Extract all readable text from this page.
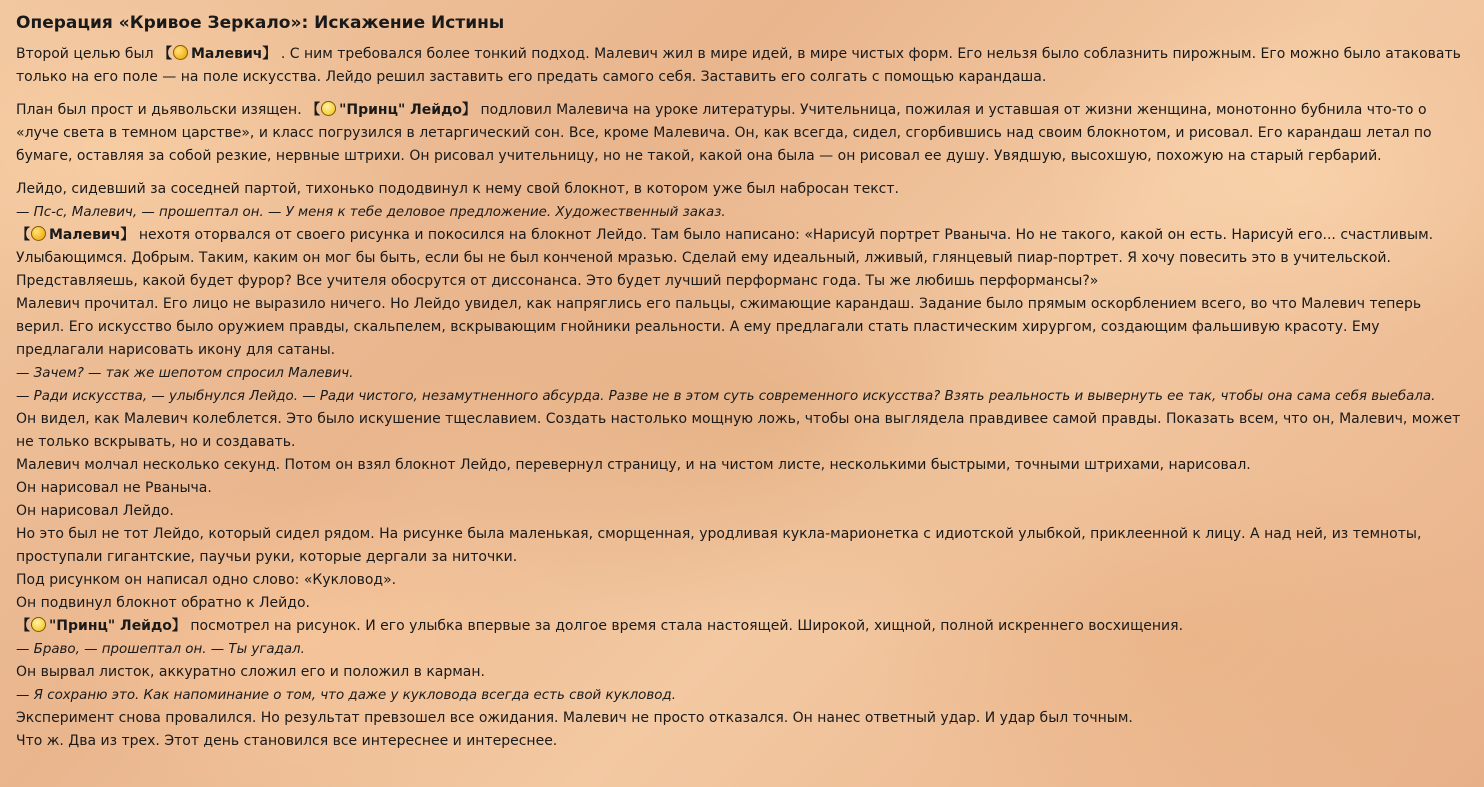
Операция «Кривое Зеркало»: Искажение Истины

Второй целью был 【 Малевич】 . С ним требовался более тонкий подход. Малевич жил в мире идей, в мире чистых форм. Его нельзя было соблазнить пирожным. Его можно было атаковать только на его поле — на поле искусства. Лейдо решил заставить его предать самого себя. Заставить его солгать с помощью карандаша.

План был прост и дьявольски изящен. 【 "Принц" Лейдо】 подловил Малевича на уроке литературы. Учительница, пожилая и уставшая от жизни женщина, монотонно бубнила что-то о «луче света в темном царстве», и класс погрузился в летаргический сон. Все, кроме Малевича. Он, как всегда, сидел, сгорбившись над своим блокнотом, и рисовал. Его карандаш летал по бумаге, оставляя за собой резкие, нервные штрихи. Он рисовал учительницу, но не такой, какой она была — он рисовал ее душу. Увядшую, высохшую, похожую на старый гербарий.

Лейдо, сидевший за соседней партой, тихонько пододвинул к нему свой блокнот, в котором уже был набросан текст.

— Пс-с, Малевич, — прошептал он. — У меня к тебе деловое предложение. Художественный заказ.

【 Малевич】 нехотя оторвался от своего рисунка и покосился на блокнот Лейдо. Там было написано: «Нарисуй портрет Рваныча. Но не такого, какой он есть. Нарисуй его... счастливым. Улыбающимся. Добрым. Таким, каким он мог бы быть, если бы не был конченой мразью. Сделай ему идеальный, лживый, глянцевый пиар-портрет. Я хочу повесить это в учительской. Представляешь, какой будет фурор? Все учителя обосрутся от диссонанса. Это будет лучший перформанс года. Ты же любишь перформансы?»

Малевич прочитал. Его лицо не выразило ничего. Но Лейдо увидел, как напряглись его пальцы, сжимающие карандаш. Задание было прямым оскорблением всего, во что Малевич теперь верил. Его искусство было оружием правды, скальпелем, вскрывающим гнойники реальности. А ему предлагали стать пластическим хирургом, создающим фальшивую красоту. Ему предлагали нарисовать икону для сатаны.

— Зачем? — так же шепотом спросил Малевич.

— Ради искусства, — улыбнулся Лейдо. — Ради чистого, незамутненного абсурда. Разве не в этом суть современного искусства? Взять реальность и вывернуть ее так, чтобы она сама себя выебала.

Он видел, как Малевич колеблется. Это было искушение тщеславием. Создать настолько мощную ложь, чтобы она выглядела правдивее самой правды. Показать всем, что он, Малевич, может не только вскрывать, но и создавать.

Малевич молчал несколько секунд. Потом он взял блокнот Лейдо, перевернул страницу, и на чистом листе, несколькими быстрыми, точными штрихами, нарисовал.

Он нарисовал не Рваныча.

Он нарисовал Лейдо.

Но это был не тот Лейдо, который сидел рядом. На рисунке была маленькая, сморщенная, уродливая кукла-марионетка с идиотской улыбкой, приклеенной к лицу. А над ней, из темноты, проступали гигантские, паучьи руки, которые дергали за ниточки.

Под рисунком он написал одно слово: «Кукловод».

Он подвинул блокнот обратно к Лейдо.

【 "Принц" Лейдо】 посмотрел на рисунок. И его улыбка впервые за долгое время стала настоящей. Широкой, хищной, полной искреннего восхищения.

— Браво, — прошептал он. — Ты угадал.

Он вырвал листок, аккуратно сложил его и положил в карман.

— Я сохраню это. Как напоминание о том, что даже у кукловода всегда есть свой кукловод.

Эксперимент снова провалился. Но результат превзошел все ожидания. Малевич не просто отказался. Он нанес ответный удар. И удар был точным.

Что ж. Два из трех. Этот день становился все интереснее и интереснее.
